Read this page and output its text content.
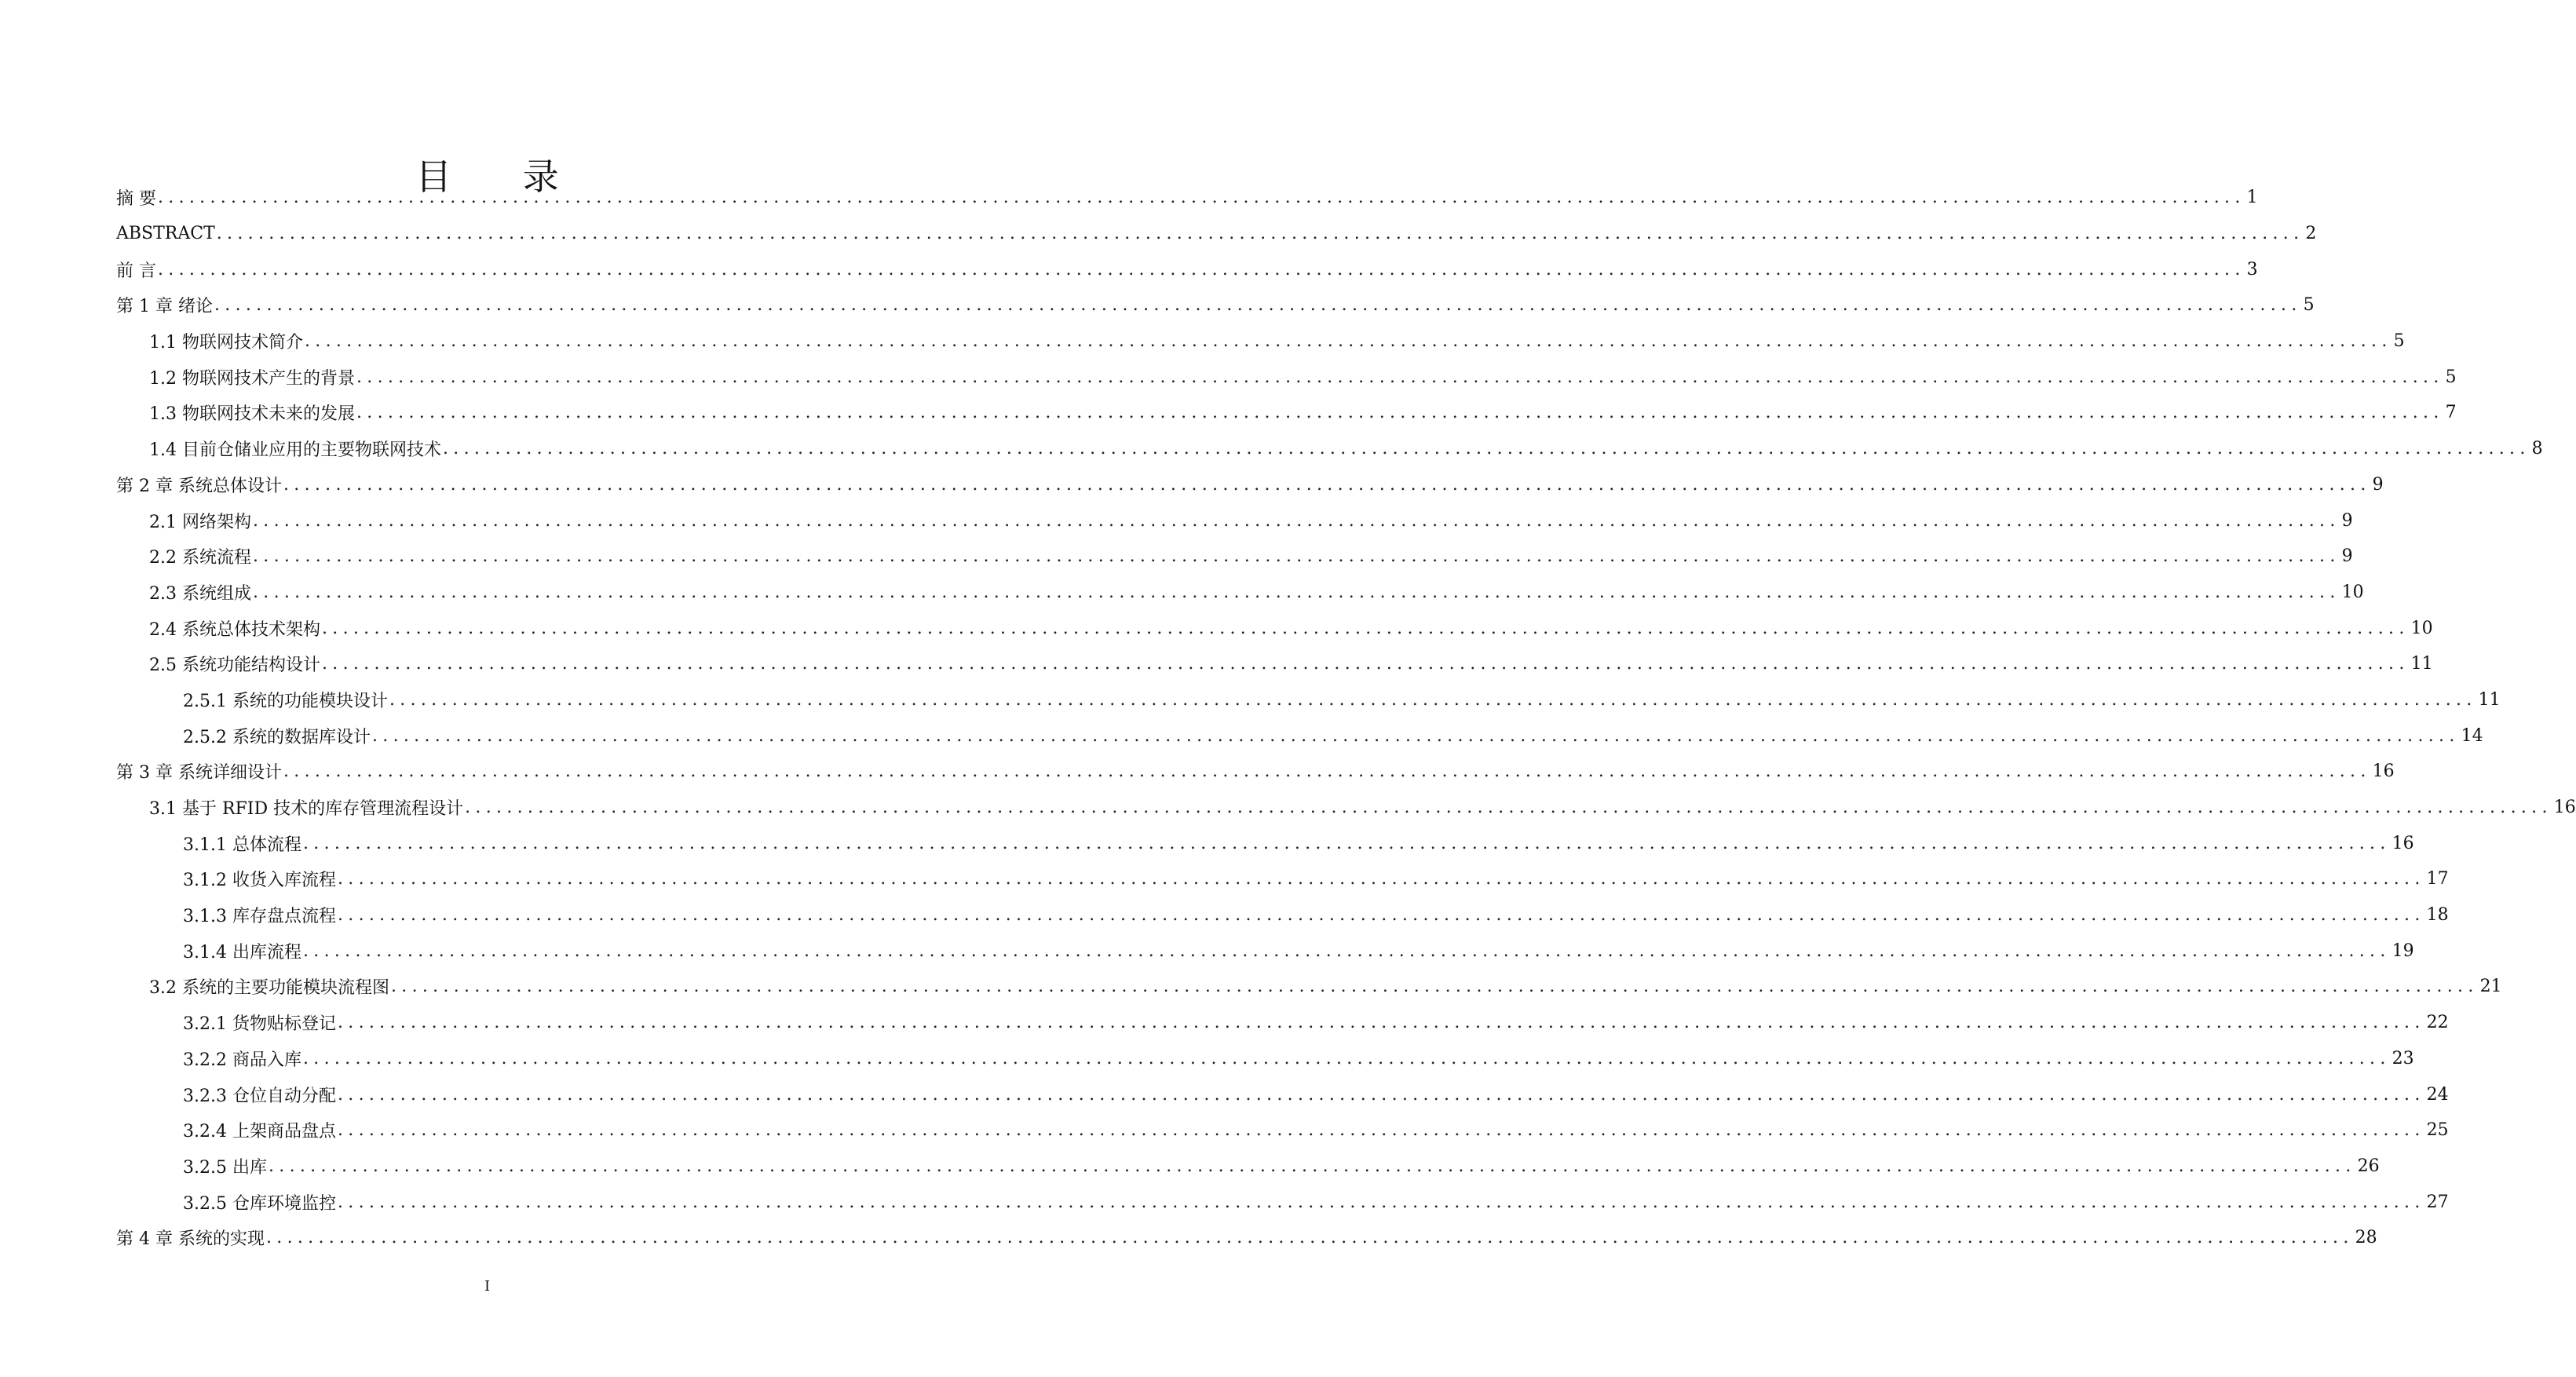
目 录
摘 要 ........................................................................................................................................................................................................ 1
ABSTRACT ........................................................................................................................................................................................................ 2
前 言 ........................................................................................................................................................................................................ 3
第 1 章 绪论 ........................................................................................................................................................................................................ 5
1.1 物联网技术简介 ........................................................................................................................................................................................................ 5
1.2 物联网技术产生的背景 ........................................................................................................................................................................................................ 5
1.3 物联网技术未来的发展 ........................................................................................................................................................................................................ 7
1.4 目前仓储业应用的主要物联网技术 ........................................................................................................................................................................................................ 8
第 2 章 系统总体设计 ........................................................................................................................................................................................................ 9
2.1 网络架构 ........................................................................................................................................................................................................ 9
2.2 系统流程 ........................................................................................................................................................................................................ 9
2.3 系统组成 ........................................................................................................................................................................................................ 10
2.4 系统总体技术架构 ........................................................................................................................................................................................................ 10
2.5 系统功能结构设计 ........................................................................................................................................................................................................ 11
2.5.1 系统的功能模块设计 ........................................................................................................................................................................................................ 11
2.5.2 系统的数据库设计 ........................................................................................................................................................................................................ 14
第 3 章 系统详细设计 ........................................................................................................................................................................................................ 16
3.1 基于 RFID 技术的库存管理流程设计 ........................................................................................................................................................................................................ 16
3.1.1 总体流程 ........................................................................................................................................................................................................ 16
3.1.2 收货入库流程 ........................................................................................................................................................................................................ 17
3.1.3 库存盘点流程 ........................................................................................................................................................................................................ 18
3.1.4 出库流程 ........................................................................................................................................................................................................ 19
3.2 系统的主要功能模块流程图 ........................................................................................................................................................................................................ 21
3.2.1 货物贴标登记 ........................................................................................................................................................................................................ 22
3.2.2 商品入库 ........................................................................................................................................................................................................ 23
3.2.3 仓位自动分配 ........................................................................................................................................................................................................ 24
3.2.4 上架商品盘点 ........................................................................................................................................................................................................ 25
3.2.5 出库 ........................................................................................................................................................................................................ 26
3.2.5 仓库环境监控 ........................................................................................................................................................................................................ 27
第 4 章 系统的实现 ........................................................................................................................................................................................................ 28
I
